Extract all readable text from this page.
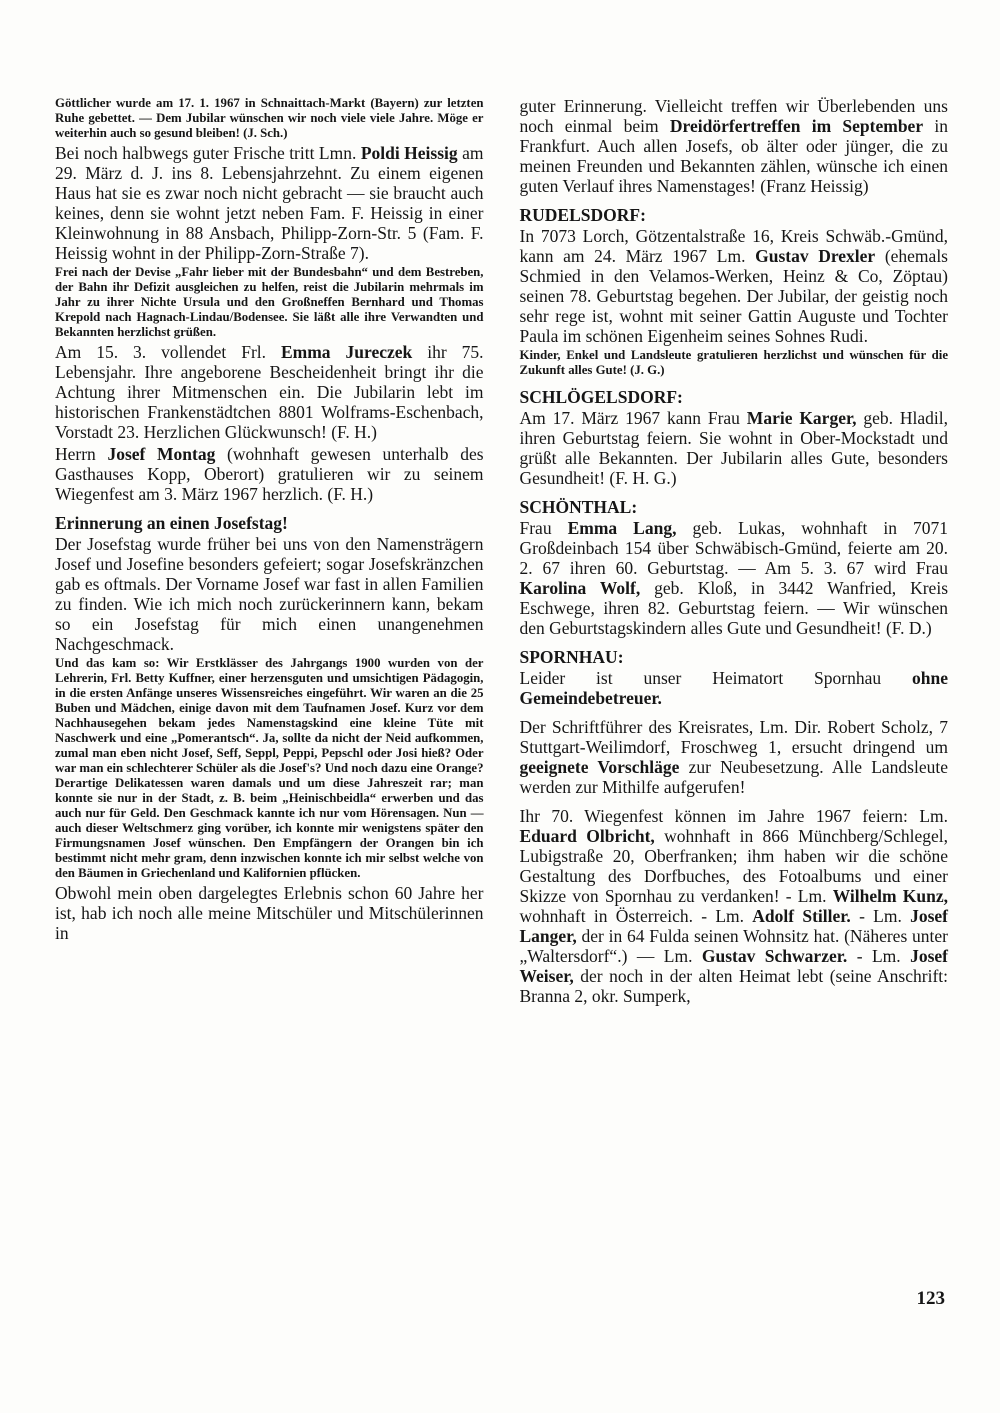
Göttlicher wurde am 17. 1. 1967 in Schnaittach-Markt (Bayern) zur letzten Ruhe gebettet. — Dem Jubilar wünschen wir noch viele viele Jahre. Möge er weiterhin auch so gesund bleiben! (J. Sch.)

Bei noch halbwegs guter Frische tritt Lmn. Poldi Heissig am 29. März d. J. ins 8. Lebensjahrzehnt. Zu einem eigenen Haus hat sie es zwar noch nicht gebracht — sie braucht auch keines, denn sie wohnt jetzt neben Fam. F. Heissig in einer Kleinwohnung in 88 Ansbach, Philipp-Zorn-Str. 5 (Fam. F. Heissig wohnt in der Philipp-Zorn-Straße 7).

Frei nach der Devise „Fahr lieber mit der Bundesbahn“ und dem Bestreben, der Bahn ihr Defizit ausgleichen zu helfen, reist die Jubilarin mehrmals im Jahr zu ihrer Nichte Ursula und den Großneffen Bernhard und Thomas Krepold nach Hagnach-Lindau/Bodensee. Sie läßt alle ihre Verwandten und Bekannten herzlichst grüßen.

Am 15. 3. vollendet Frl. Emma Jureczek ihr 75. Lebensjahr. Ihre angeborene Bescheidenheit bringt ihr die Achtung ihrer Mitmenschen ein. Die Jubilarin lebt im historischen Frankenstädtchen 8801 Wolframs-Eschenbach, Vorstadt 23. Herzlichen Glückwunsch! (F. H.)

Herrn Josef Montag (wohnhaft gewesen unterhalb des Gasthauses Kopp, Oberort) gratulieren wir zu seinem Wiegenfest am 3. März 1967 herzlich. (F. H.)

Erinnerung an einen Josefstag!

Der Josefstag wurde früher bei uns von den Namensträgern Josef und Josefine besonders gefeiert; sogar Josefskränzchen gab es oftmals. Der Vorname Josef war fast in allen Familien zu finden. Wie ich mich noch zurückerinnern kann, bekam so ein Josefstag für mich einen unangenehmen Nachgeschmack.

Und das kam so: Wir Erstklässer des Jahrgangs 1900 wurden von der Lehrerin, Frl. Betty Kuffner, einer herzensguten und umsichtigen Pädagogin, in die ersten Anfänge unseres Wissensreiches eingeführt. Wir waren an die 25 Buben und Mädchen, einige davon mit dem Taufnamen Josef. Kurz vor dem Nachhausegehen bekam jedes Namenstagskind eine kleine Tüte mit Naschwerk und eine „Pomerantsch“. Ja, sollte da nicht der Neid aufkommen, zumal man eben nicht Josef, Seff, Seppl, Peppi, Pepschl oder Josi hieß? Oder war man ein schlechterer Schüler als die Josef's? Und noch dazu eine Orange? Derartige Delikatessen waren damals und um diese Jahreszeit rar; man konnte sie nur in der Stadt, z. B. beim „Heinischbeidla“ erwerben und das auch nur für Geld. Den Geschmack kannte ich nur vom Hörensagen. Nun — auch dieser Weltschmerz ging vorüber, ich konnte mir wenigstens später den Firmungsnamen Josef wünschen. Den Empfängern der Orangen bin ich bestimmt nicht mehr gram, denn inzwischen konnte ich mir selbst welche von den Bäumen in Griechenland und Kalifornien pflücken.

Obwohl mein oben dargelegtes Erlebnis schon 60 Jahre her ist, hab ich noch alle meine Mitschüler und Mitschülerinnen in

guter Erinnerung. Vielleicht treffen wir Überlebenden uns noch einmal beim Dreidörfertreffen im September in Frankfurt. Auch allen Josefs, ob älter oder jünger, die zu meinen Freunden und Bekannten zählen, wünsche ich einen guten Verlauf ihres Namenstages! (Franz Heissig)

RUDELSDORF:

In 7073 Lorch, Götzentalstraße 16, Kreis Schwäb.-Gmünd, kann am 24. März 1967 Lm. Gustav Drexler (ehemals Schmied in den Velamos-Werken, Heinz & Co, Zöptau) seinen 78. Geburtstag begehen. Der Jubilar, der geistig noch sehr rege ist, wohnt mit seiner Gattin Auguste und Tochter Paula im schönen Eigenheim seines Sohnes Rudi.

Kinder, Enkel und Landsleute gratulieren herzlichst und wünschen für die Zukunft alles Gute! (J. G.)

SCHLÖGELSDORF:

Am 17. März 1967 kann Frau Marie Karger, geb. Hladil, ihren Geburtstag feiern. Sie wohnt in Ober-Mockstadt und grüßt alle Bekannten. Der Jubilarin alles Gute, besonders Gesundheit! (F. H. G.)

SCHÖNTHAL:

Frau Emma Lang, geb. Lukas, wohnhaft in 7071 Großdeinbach 154 über Schwäbisch-Gmünd, feierte am 20. 2. 67 ihren 60. Geburtstag. — Am 5. 3. 67 wird Frau Karolina Wolf, geb. Kloß, in 3442 Wanfried, Kreis Eschwege, ihren 82. Geburtstag feiern. — Wir wünschen den Geburtstagskindern alles Gute und Gesundheit! (F. D.)

SPORNHAU:

Leider ist unser Heimatort Spornhau ohne Gemeindebetreuer.

Der Schriftführer des Kreisrates, Lm. Dir. Robert Scholz, 7 Stuttgart-Weilimdorf, Froschweg 1, ersucht dringend um geeignete Vorschläge zur Neubesetzung. Alle Landsleute werden zur Mithilfe aufgerufen!

Ihr 70. Wiegenfest können im Jahre 1967 feiern: Lm. Eduard Olbricht, wohnhaft in 866 Münchberg/Schlegel, Lubigstraße 20, Oberfranken; ihm haben wir die schöne Gestaltung des Dorfbuches, des Fotoalbums und einer Skizze von Spornhau zu verdanken! - Lm. Wilhelm Kunz, wohnhaft in Österreich. - Lm. Adolf Stiller. - Lm. Josef Langer, der in 64 Fulda seinen Wohnsitz hat. (Näheres unter „Waltersdorf“.) — Lm. Gustav Schwarzer. - Lm. Josef Weiser, der noch in der alten Heimat lebt (seine Anschrift: Branna 2, okr. Sumperk,

123
